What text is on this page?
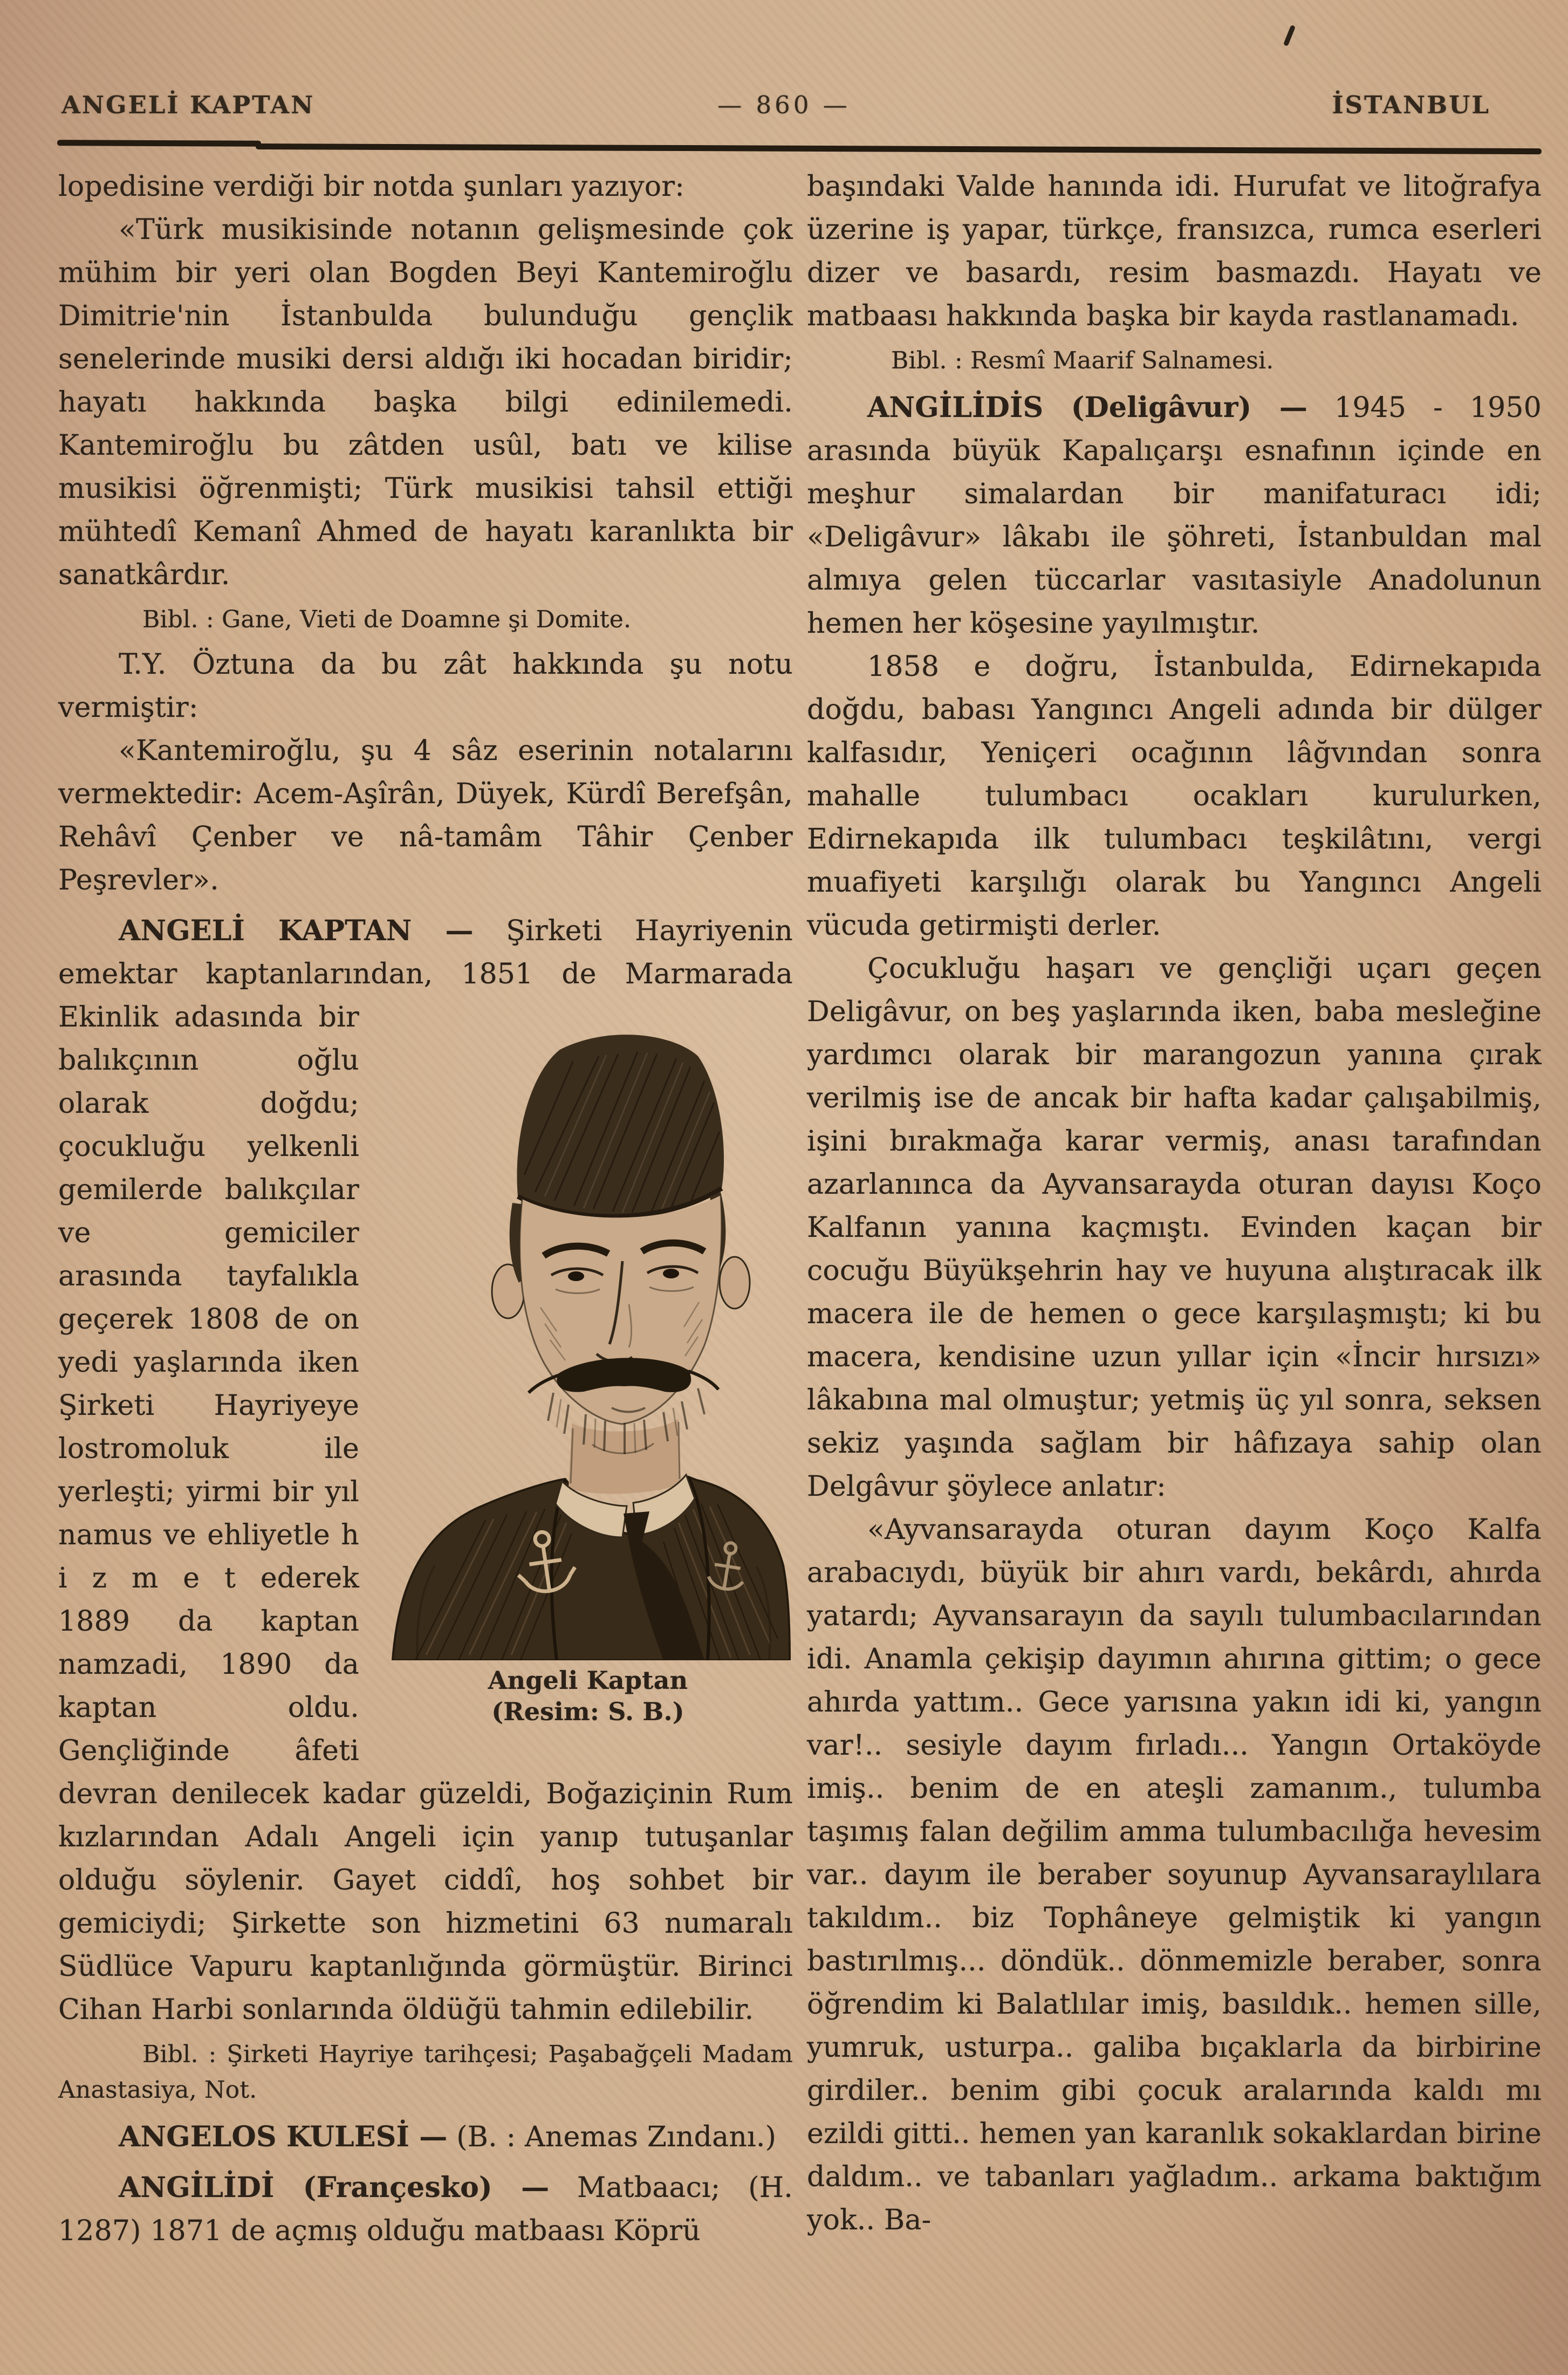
ANGELİ KAPTAN	— 860 —	İSTANBUL

lopedisine verdiği bir notda şunları yazıyor:

«Türk musikisinde notanın gelişmesinde çok mühim bir yeri olan Bogden Beyi Kantemiroğlu Dimitrie'nin İstanbulda bulunduğu gençlik senelerinde musiki dersi aldığı iki hocadan biridir; hayatı hakkında başka bilgi edinilemedi. Kantemiroğlu bu zâtden usûl, batı ve kilise musikisi öğrenmişti; Türk musikisi tahsil ettiği mühtedî Kemanî Ahmed de hayatı karanlıkta bir sanatkârdır.

Bibl. : Gane, Vieti de Doamne şi Domite.

T.Y. Öztuna da bu zât hakkında şu notu vermiştir:

«Kantemiroğlu, şu 4 sâz eserinin notalarını vermektedir: Acem-Aşîrân, Düyek, Kürdî Berefşân, Rehâvî Çenber ve nâ-tamâm Tâhir Çenber Peşrevler».

ANGELİ KAPTAN — Şirketi Hayriyenin emektar kaptanlarından, 1851 de Marmarada
Angeli Kaptan
(Resim: S. B.)
Ekinlik adasında bir balıkçının oğlu olarak doğdu; çocukluğu yelkenli gemilerde balıkçılar ve gemiciler arasında tayfalıkla geçerek 1808 de on yedi yaşlarında iken Şirketi Hayriyeye lostromoluk ile yerleşti; yirmi bir yıl namus ve ehliyetle h i z m e t ederek 1889 da kaptan namzadi, 1890 da kaptan oldu. Gençliğinde âfeti devran denilecek kadar güzeldi, Boğaziçinin Rum kızlarından Adalı Angeli için yanıp tutuşanlar olduğu söylenir. Gayet ciddî, hoş sohbet bir gemiciydi; Şirkette son hizmetini 63 numaralı Südlüce Vapuru kaptanlığında görmüştür. Birinci Cihan Harbi sonlarında öldüğü tahmin edilebilir.

Bibl. : Şirketi Hayriye tarihçesi; Paşabağçeli Madam Anastasiya, Not.

ANGELOS KULESİ — (B. : Anemas Zındanı.)

ANGİLİDİ (Françesko) — Matbaacı; (H. 1287) 1871 de açmış olduğu matbaası Köprü

başındaki Valde hanında idi. Hurufat ve litoğrafya üzerine iş yapar, türkçe, fransızca, rumca eserleri dizer ve basardı, resim basmazdı. Hayatı ve matbaası hakkında başka bir kayda rastlanamadı.

Bibl. : Resmî Maarif Salnamesi.

ANGİLİDİS (Deligâvur) — 1945 - 1950 arasında büyük Kapalıçarşı esnafının içinde en meşhur simalardan bir manifaturacı idi; «Deligâvur» lâkabı ile şöhreti, İstanbuldan mal almıya gelen tüccarlar vasıtasiyle Anadolunun hemen her köşesine yayılmıştır.

1858 e doğru, İstanbulda, Edirnekapıda doğdu, babası Yangıncı Angeli adında bir dülger kalfasıdır, Yeniçeri ocağının lâğvından sonra mahalle tulumbacı ocakları kurulurken, Edirnekapıda ilk tulumbacı teşkilâtını, vergi muafiyeti karşılığı olarak bu Yangıncı Angeli vücuda getirmişti derler.

Çocukluğu haşarı ve gençliği uçarı geçen Deligâvur, on beş yaşlarında iken, baba mesleğine yardımcı olarak bir marangozun yanına çırak verilmiş ise de ancak bir hafta kadar çalışabilmiş, işini bırakmağa karar vermiş, anası tarafından azarlanınca da Ayvansarayda oturan dayısı Koço Kalfanın yanına kaçmıştı. Evinden kaçan bir cocuğu Büyükşehrin hay ve huyuna alıştıracak ilk macera ile de hemen o gece karşılaşmıştı; ki bu macera, kendisine uzun yıllar için «İncir hırsızı» lâkabına mal olmuştur; yetmiş üç yıl sonra, seksen sekiz yaşında sağlam bir hâfızaya sahip olan Delgâvur şöylece anlatır:

«Ayvansarayda oturan dayım Koço Kalfa arabacıydı, büyük bir ahırı vardı, bekârdı, ahırda yatardı; Ayvansarayın da sayılı tulumbacılarından idi. Anamla çekişip dayımın ahırına gittim; o gece ahırda yattım.. Gece yarısına yakın idi ki, yangın var!.. sesiyle dayım fırladı... Yangın Ortaköyde imiş.. benim de en ateşli zamanım., tulumba taşımış falan değilim amma tulumbacılığa hevesim var.. dayım ile beraber soyunup Ayvansaraylılara takıldım.. biz Tophâneye gelmiştik ki yangın bastırılmış... döndük.. dönmemizle beraber, sonra öğrendim ki Balatlılar imiş, basıldık.. hemen sille, yumruk, usturpa.. galiba bıçaklarla da birbirine girdiler.. benim gibi çocuk aralarında kaldı mı ezildi gitti.. hemen yan karanlık sokaklardan birine daldım.. ve tabanları yağladım.. arkama baktığım yok.. Ba-
